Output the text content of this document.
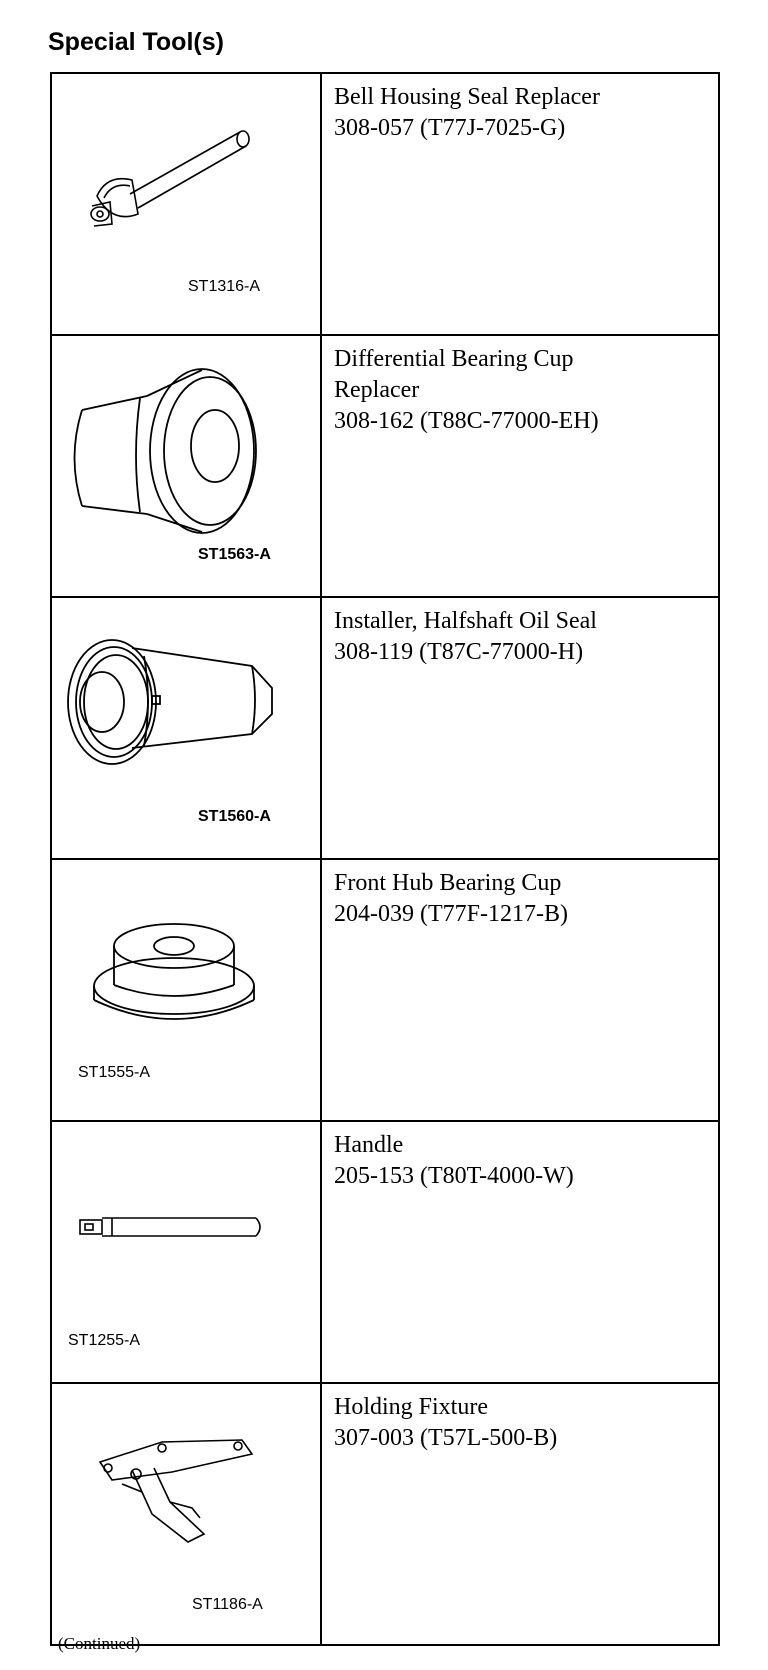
Special Tool(s)
ST1316-A	Bell Housing Seal Replacer
308-057 (T77J-7025-G)

ST1563-A	Differential Bearing Cup Replacer
308-162 (T88C-77000-EH)

ST1560-A	Installer, Halfshaft Oil Seal
308-119 (T87C-77000-H)

ST1555-A	Front Hub Bearing Cup
204-039 (T77F-1217-B)

ST1255-A	Handle
205-153 (T80T-4000-W)

ST1186-A	Holding Fixture
307-003 (T57L-500-B)
(Continued)
